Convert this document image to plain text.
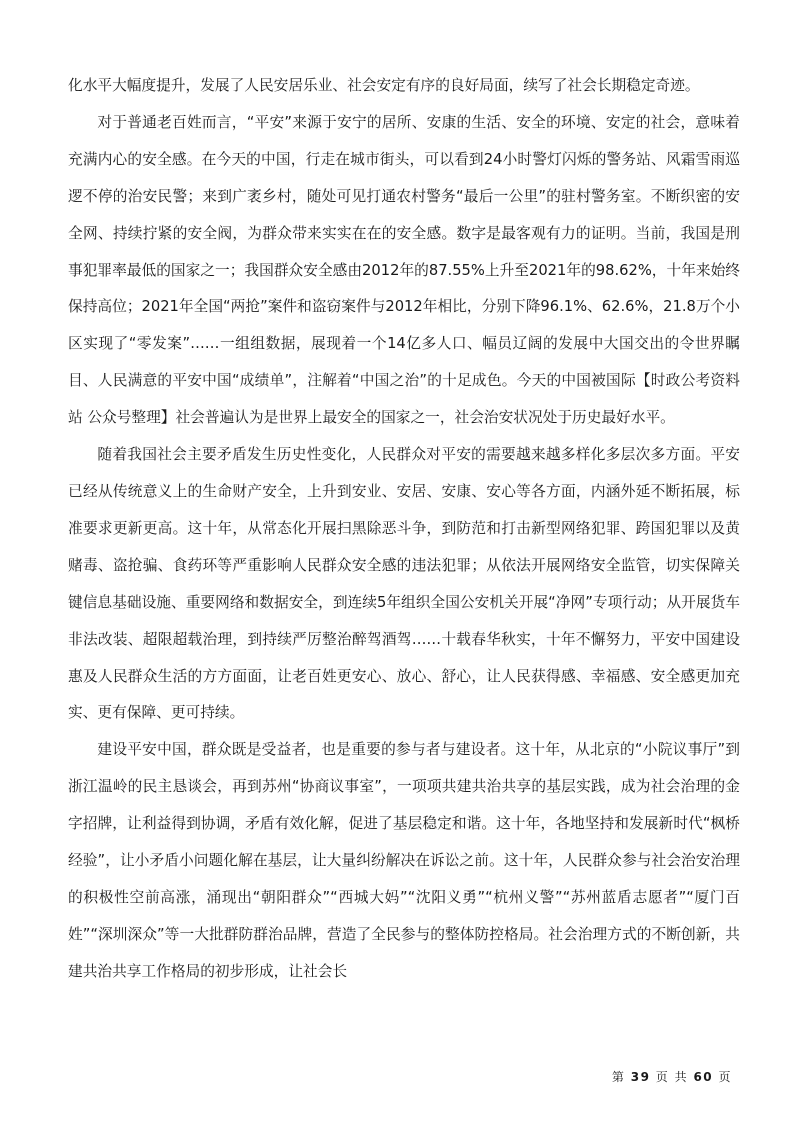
化水平大幅度提升，发展了人民安居乐业、社会安定有序的良好局面，续写了社会长期稳定奇迹。

对于普通老百姓而言，“平安”来源于安宁的居所、安康的生活、安全的环境、安定的社会，意味着充满内心的安全感。在今天的中国，行走在城市街头，可以看到24小时警灯闪烁的警务站、风霜雪雨巡逻不停的治安民警；来到广袤乡村，随处可见打通农村警务“最后一公里”的驻村警务室。不断织密的安全网、持续拧紧的安全阀，为群众带来实实在在的安全感。数字是最客观有力的证明。当前，我国是刑事犯罪率最低的国家之一；我国群众安全感由2012年的87.55%上升至2021年的98.62%，十年来始终保持高位；2021年全国“两抢”案件和盗窃案件与2012年相比，分别下降96.1%、62.6%，21.8万个小区实现了“零发案”……一组组数据，展现着一个14亿多人口、幅员辽阔的发展中大国交出的令世界瞩目、人民满意的平安中国“成绩单”，注解着“中国之治”的十足成色。今天的中国被国际【时政公考资料站 公众号整理】社会普遍认为是世界上最安全的国家之一，社会治安状况处于历史最好水平。

随着我国社会主要矛盾发生历史性变化，人民群众对平安的需要越来越多样化多层次多方面。平安已经从传统意义上的生命财产安全，上升到安业、安居、安康、安心等各方面，内涵外延不断拓展，标准要求更新更高。这十年，从常态化开展扫黑除恶斗争，到防范和打击新型网络犯罪、跨国犯罪以及黄赌毒、盗抢骗、食药环等严重影响人民群众安全感的违法犯罪；从依法开展网络安全监管，切实保障关键信息基础设施、重要网络和数据安全，到连续5年组织全国公安机关开展“净网”专项行动；从开展货车非法改装、超限超载治理，到持续严厉整治醉驾酒驾……十载春华秋实，十年不懈努力，平安中国建设惠及人民群众生活的方方面面，让老百姓更安心、放心、舒心，让人民获得感、幸福感、安全感更加充实、更有保障、更可持续。

建设平安中国，群众既是受益者，也是重要的参与者与建设者。这十年，从北京的“小院议事厅”到浙江温岭的民主恳谈会，再到苏州“协商议事室”，一项项共建共治共享的基层实践，成为社会治理的金字招牌，让利益得到协调，矛盾有效化解，促进了基层稳定和谐。这十年，各地坚持和发展新时代“枫桥经验”，让小矛盾小问题化解在基层，让大量纠纷解决在诉讼之前。这十年，人民群众参与社会治安治理的积极性空前高涨，涌现出“朝阳群众”“西城大妈”“沈阳义勇”“杭州义警”“苏州蓝盾志愿者”“厦门百姓”“深圳深众”等一大批群防群治品牌，营造了全民参与的整体防控格局。社会治理方式的不断创新，共建共治共享工作格局的初步形成，让社会长

第 39 页 共 60 页
